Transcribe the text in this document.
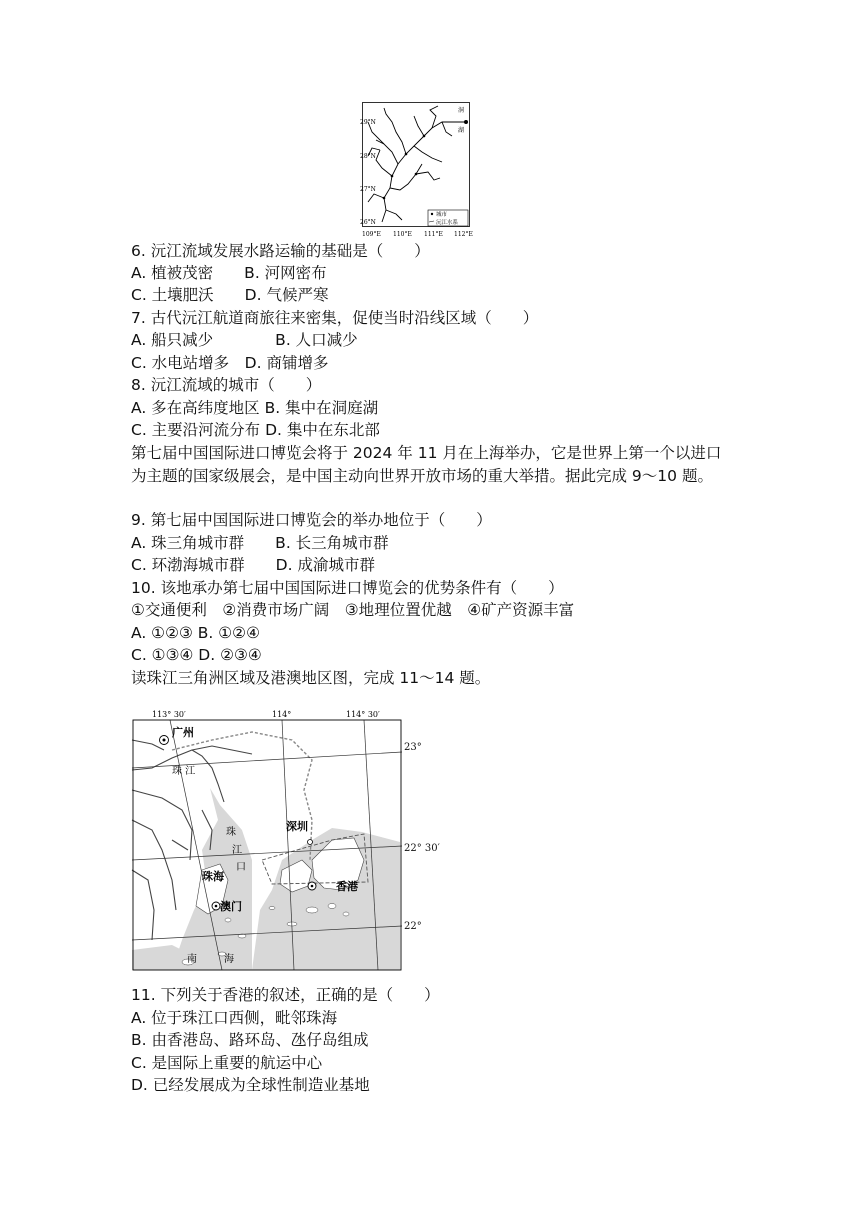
29°N
28°N
27°N
26°N
109°E 110°E 111°E 112°E
洞
湖
城市
沅江水系
6. 沅江流域发展水路运输的基础是（　　）
A. 植被茂密　　B. 河网密布
C. 土壤肥沃　　D. 气候严寒
7. 古代沅江航道商旅往来密集，促使当时沿线区域（　　）
A. 船只减少　　　　B. 人口减少
C. 水电站增多　D. 商铺增多
8. 沅江流域的城市（　　）
A. 多在高纬度地区 B. 集中在洞庭湖
C. 主要沿河流分布 D. 集中在东北部
第七届中国国际进口博览会将于 2024 年 11 月在上海举办，它是世界上第一个以进口为主题的国家级展会，是中国主动向世界开放市场的重大举措。据此完成 9～10 题。
9. 第七届中国国际进口博览会的举办地位于（　　）
A. 珠三角城市群　　B. 长三角城市群
C. 环渤海城市群　　D. 成渝城市群
10. 该地承办第七届中国国际进口博览会的优势条件有（　　）
①交通便利　②消费市场广阔　③地理位置优越　④矿产资源丰富
A. ①②③ B. ①②④
C. ①③④ D. ②③④
读珠江三角洲区域及港澳地区图，完成 11～14 题。
113° 30′	114°	114° 30′
广州
珠 江
珠
江
口
深圳
珠海
澳门
香港
南	海
23°
22° 30′
22°
11. 下列关于香港的叙述，正确的是（　　）
A. 位于珠江口西侧，毗邻珠海
B. 由香港岛、路环岛、氹仔岛组成
C. 是国际上重要的航运中心
D. 已经发展成为全球性制造业基地
